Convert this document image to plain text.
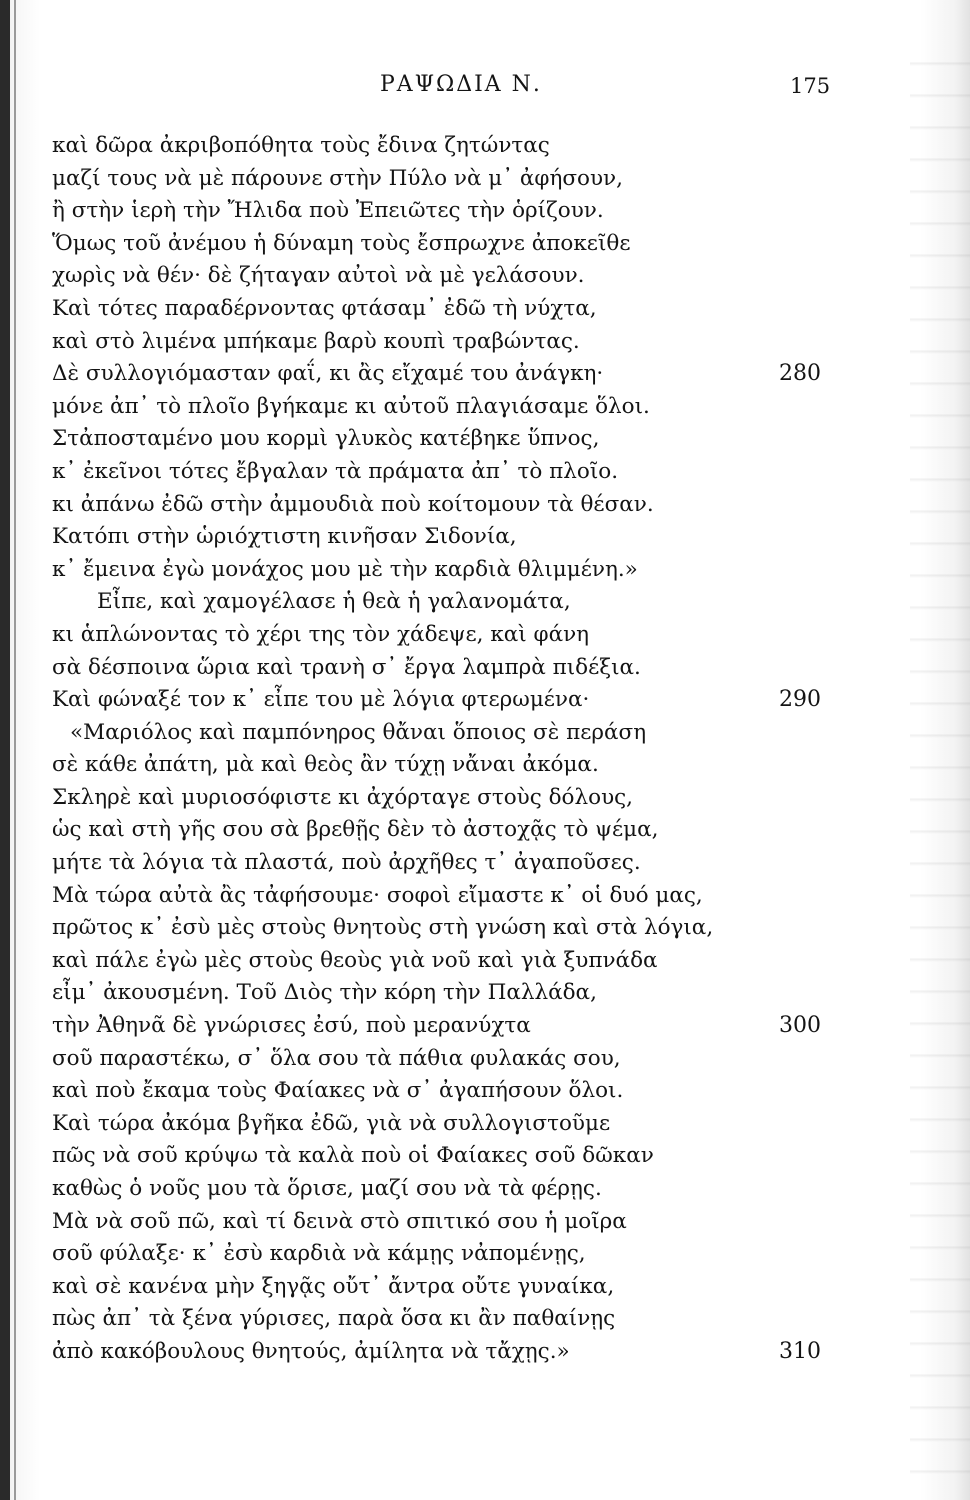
ΡΑΨΩΔΙΑ Ν.	175
καὶ δῶρα ἀκριβοπόθητα τοὺς ἔδινα ζητώντας
μαζί τους νὰ μὲ πάρουνε στὴν Πύλο νὰ μ᾽ ἀφήσουν,
ἢ στὴν ἱερὴ τὴν Ἤλιδα ποὺ Ἐπειῶτες τὴν ὁρίζουν.
Ὅμως τοῦ ἀνέμου ἡ δύναμη τοὺς ἔσπρωχνε ἀποκεῖθε
χωρὶς νὰ θέν· δὲ ζήταγαν αὐτοὶ νὰ μὲ γελάσουν.
Καὶ τότες παραδέρνοντας φτάσαμ᾽ ἐδῶ τὴ νύχτα,
καὶ στὸ λιμένα μπήκαμε βαρὺ κουπὶ τραβώντας.
Δὲ συλλογιόμασταν φαΐ, κι ἂς εἴχαμέ του ἀνάγκη·	280
μόνε ἀπ᾽ τὸ πλοῖο βγήκαμε κι αὐτοῦ πλαγιάσαμε ὅλοι.
Στἀποσταμένο μου κορμὶ γλυκὸς κατέβηκε ὕπνος,
κ᾽ ἐκεῖνοι τότες ἔβγαλαν τὰ πράματα ἀπ᾽ τὸ πλοῖο.
κι ἀπάνω ἐδῶ στὴν ἀμμουδιὰ ποὺ κοίτομουν τὰ θέσαν.
Κατόπι στὴν ὡριόχτιστη κινῆσαν Σιδονία,
κ᾽ ἔμεινα ἐγὼ μονάχος μου μὲ τὴν καρδιὰ θλιμμένη.»
Εἶπε, καὶ χαμογέλασε ἡ θεὰ ἡ γαλανομάτα,
κι ἁπλώνοντας τὸ χέρι της τὸν χάδεψε, καὶ φάνη
σὰ δέσποινα ὥρια καὶ τρανὴ σ᾽ ἔργα λαμπρὰ πιδέξια.
Καὶ φώναξέ τον κ᾽ εἶπε του μὲ λόγια φτερωμένα·	290
«Μαριόλος καὶ παμπόνηρος θἄναι ὅποιος σὲ περάση
σὲ κάθε ἀπάτη, μὰ καὶ θεὸς ἂν τύχῃ νἄναι ἀκόμα.
Σκληρὲ καὶ μυριοσόφιστε κι ἀχόρταγε στοὺς δόλους,
ὡς καὶ στὴ γῆς σου σὰ βρεθῇς δὲν τὸ ἀστοχᾷς τὸ ψέμα,
μήτε τὰ λόγια τὰ πλαστά, ποὺ ἀρχῆθες τ᾽ ἀγαποῦσες.
Μὰ τώρα αὐτὰ ἂς τἀφήσουμε· σοφοὶ εἴμαστε κ᾽ οἱ δυό μας,
πρῶτος κ᾽ ἐσὺ μὲς στοὺς θνητοὺς στὴ γνώση καὶ στὰ λόγια,
καὶ πάλε ἐγὼ μὲς στοὺς θεοὺς γιὰ νοῦ καὶ γιὰ ξυπνάδα
εἶμ᾽ ἀκουσμένη. Τοῦ Διὸς τὴν κόρη τὴν Παλλάδα,
τὴν Ἀθηνᾶ δὲ γνώρισες ἐσύ, ποὺ μερανύχτα	300
σοῦ παραστέκω, σ᾽ ὅλα σου τὰ πάθια φυλακάς σου,
καὶ ποὺ ἔκαμα τοὺς Φαίακες νὰ σ᾽ ἀγαπήσουν ὅλοι.
Καὶ τώρα ἀκόμα βγῆκα ἐδῶ, γιὰ νὰ συλλογιστοῦμε
πῶς νὰ σοῦ κρύψω τὰ καλὰ ποὺ οἱ Φαίακες σοῦ δῶκαν
καθὼς ὁ νοῦς μου τὰ ὅρισε, μαζί σου νὰ τὰ φέρῃς.
Μὰ νὰ σοῦ πῶ, καὶ τί δεινὰ στὸ σπιτικό σου ἡ μοῖρα
σοῦ φύλαξε· κ᾽ ἐσὺ καρδιὰ νὰ κάμῃς νἀπομένῃς,
καὶ σὲ κανένα μὴν ξηγᾷς οὔτ᾽ ἄντρα οὔτε γυναίκα,
πὼς ἀπ᾽ τὰ ξένα γύρισες, παρὰ ὅσα κι ἂν παθαίνῃς
ἀπὸ κακόβουλους θνητούς, ἀμίλητα νὰ τἄχῃς.»	310
